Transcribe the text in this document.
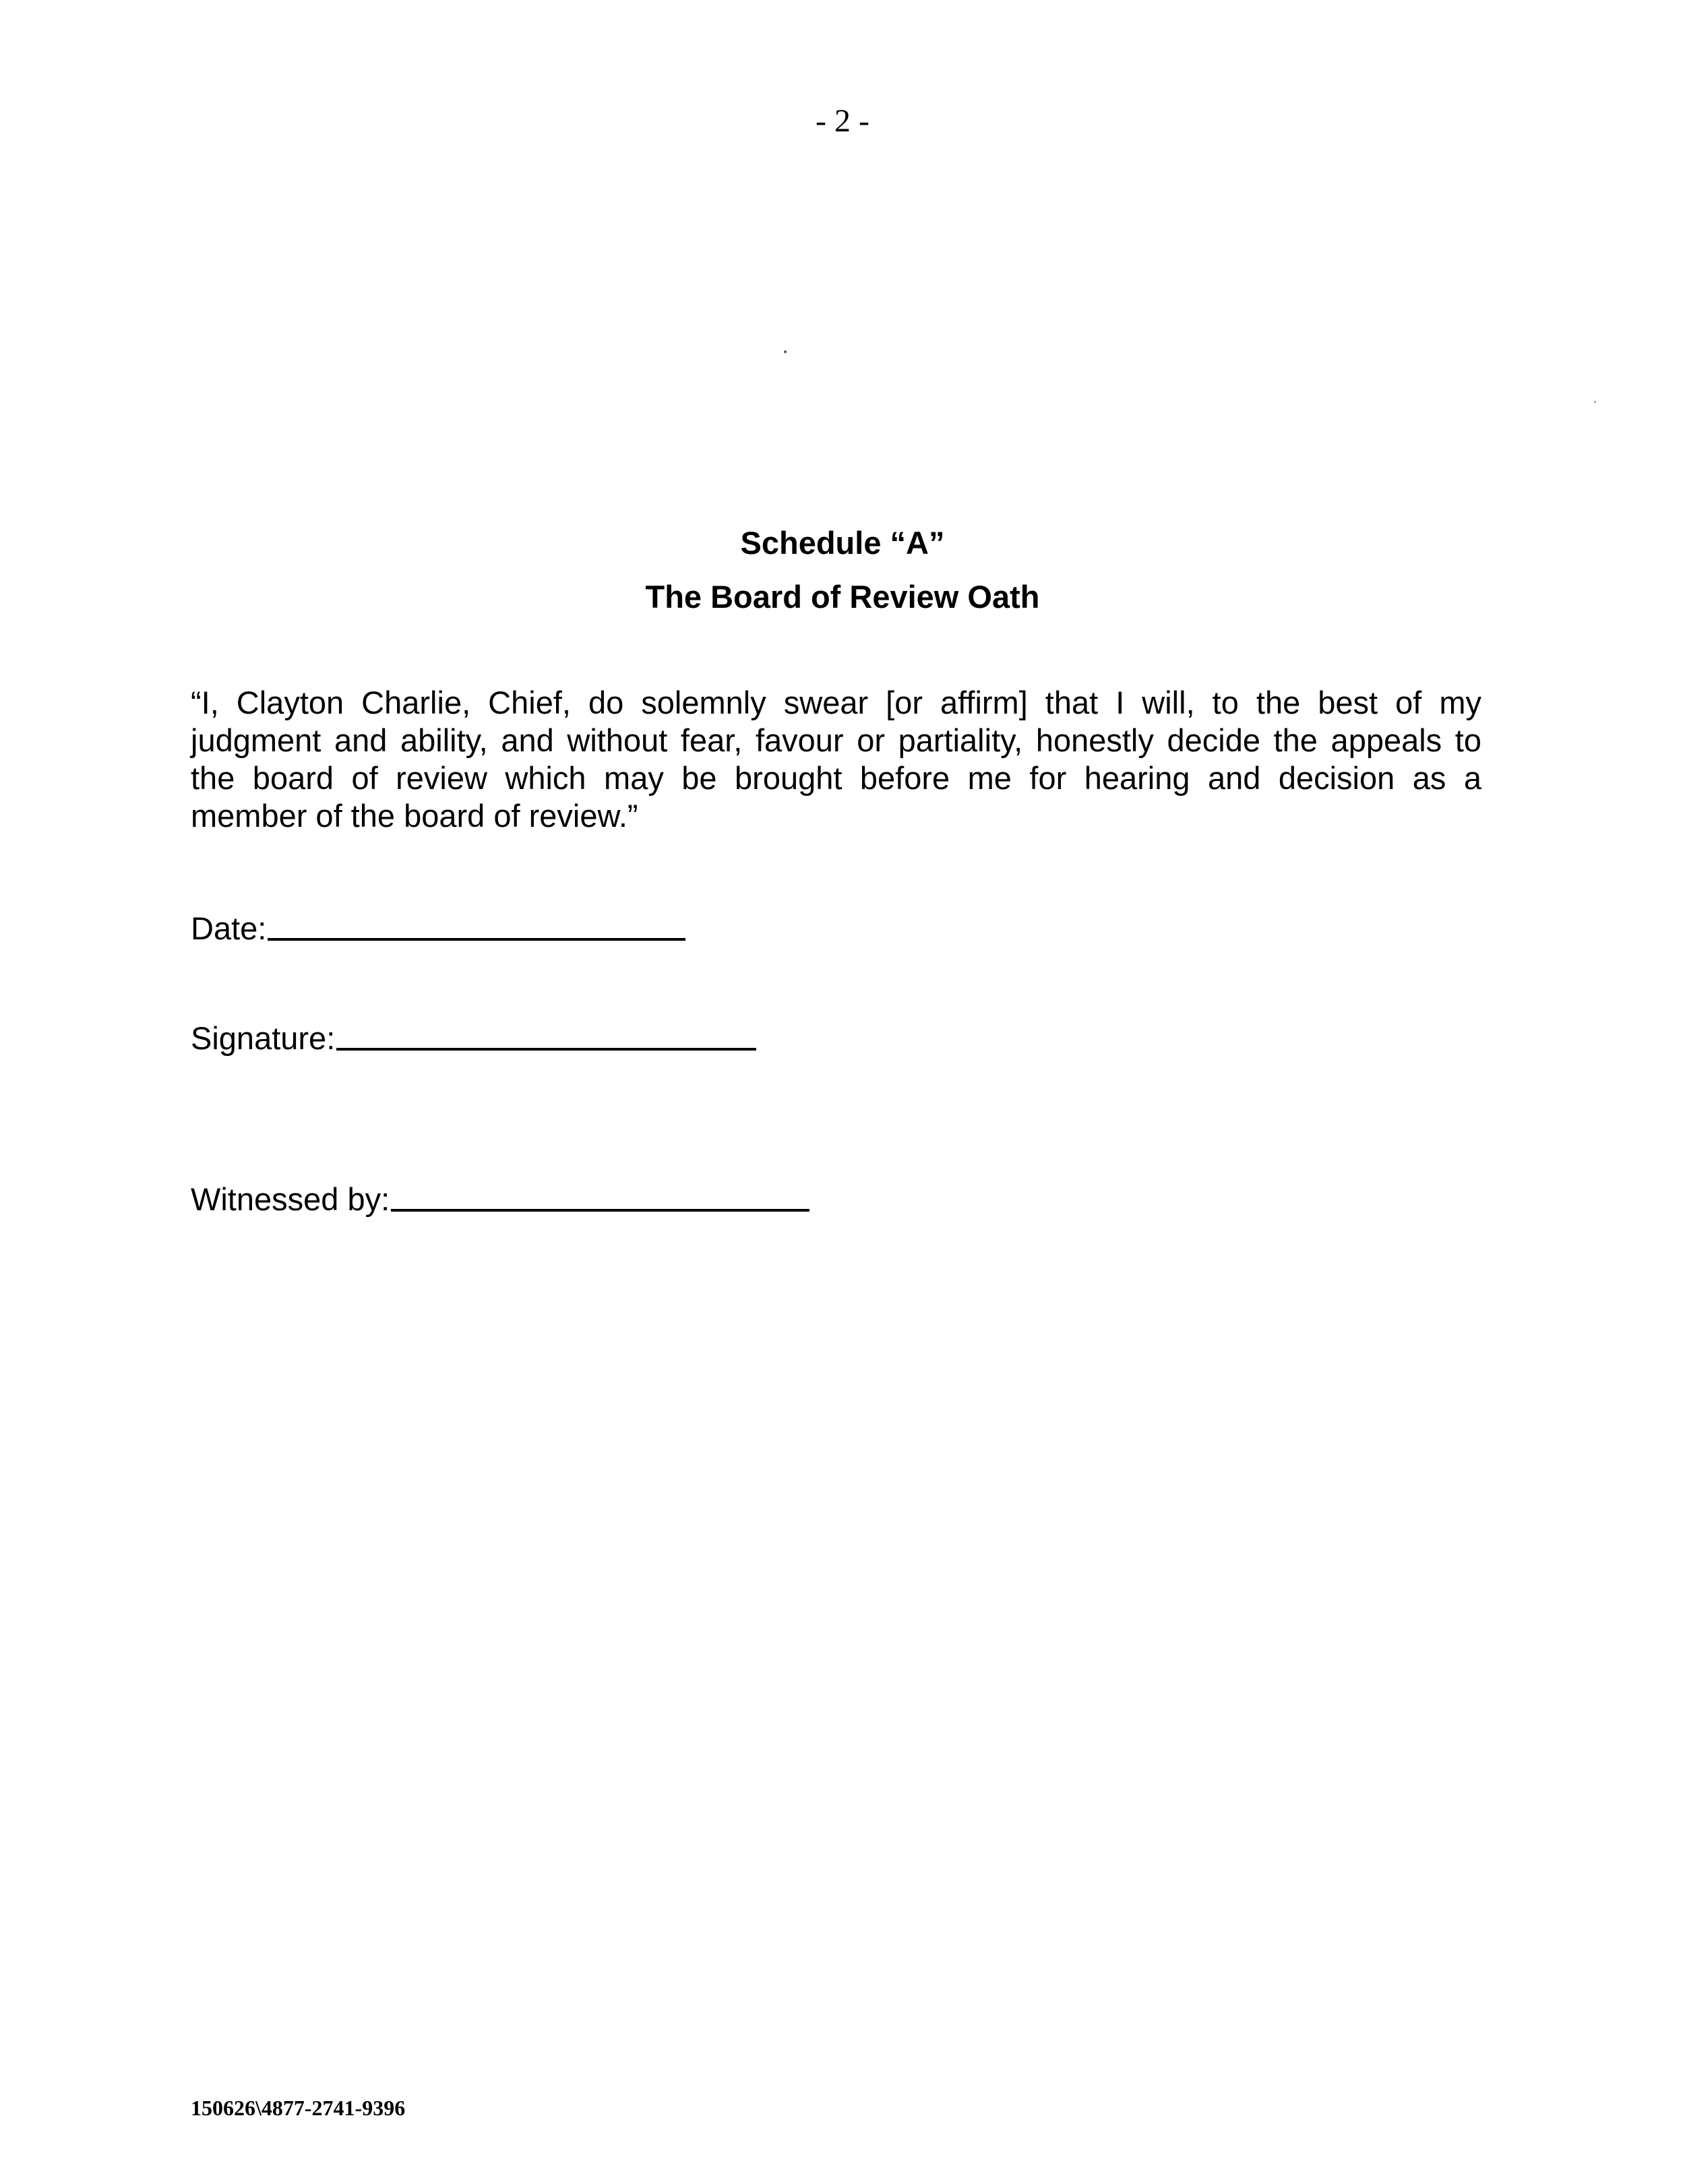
- 2 -
Schedule “A”
The Board of Review Oath
“I, Clayton Charlie, Chief, do solemnly swear [or affirm] that I will, to the best of my
judgment and ability, and without fear, favour or partiality, honestly decide the appeals to
the board of review which may be brought before me for hearing and decision as a
member of the board of review.”
Date:
Signature:
Witnessed by:
150626\4877-2741-9396
